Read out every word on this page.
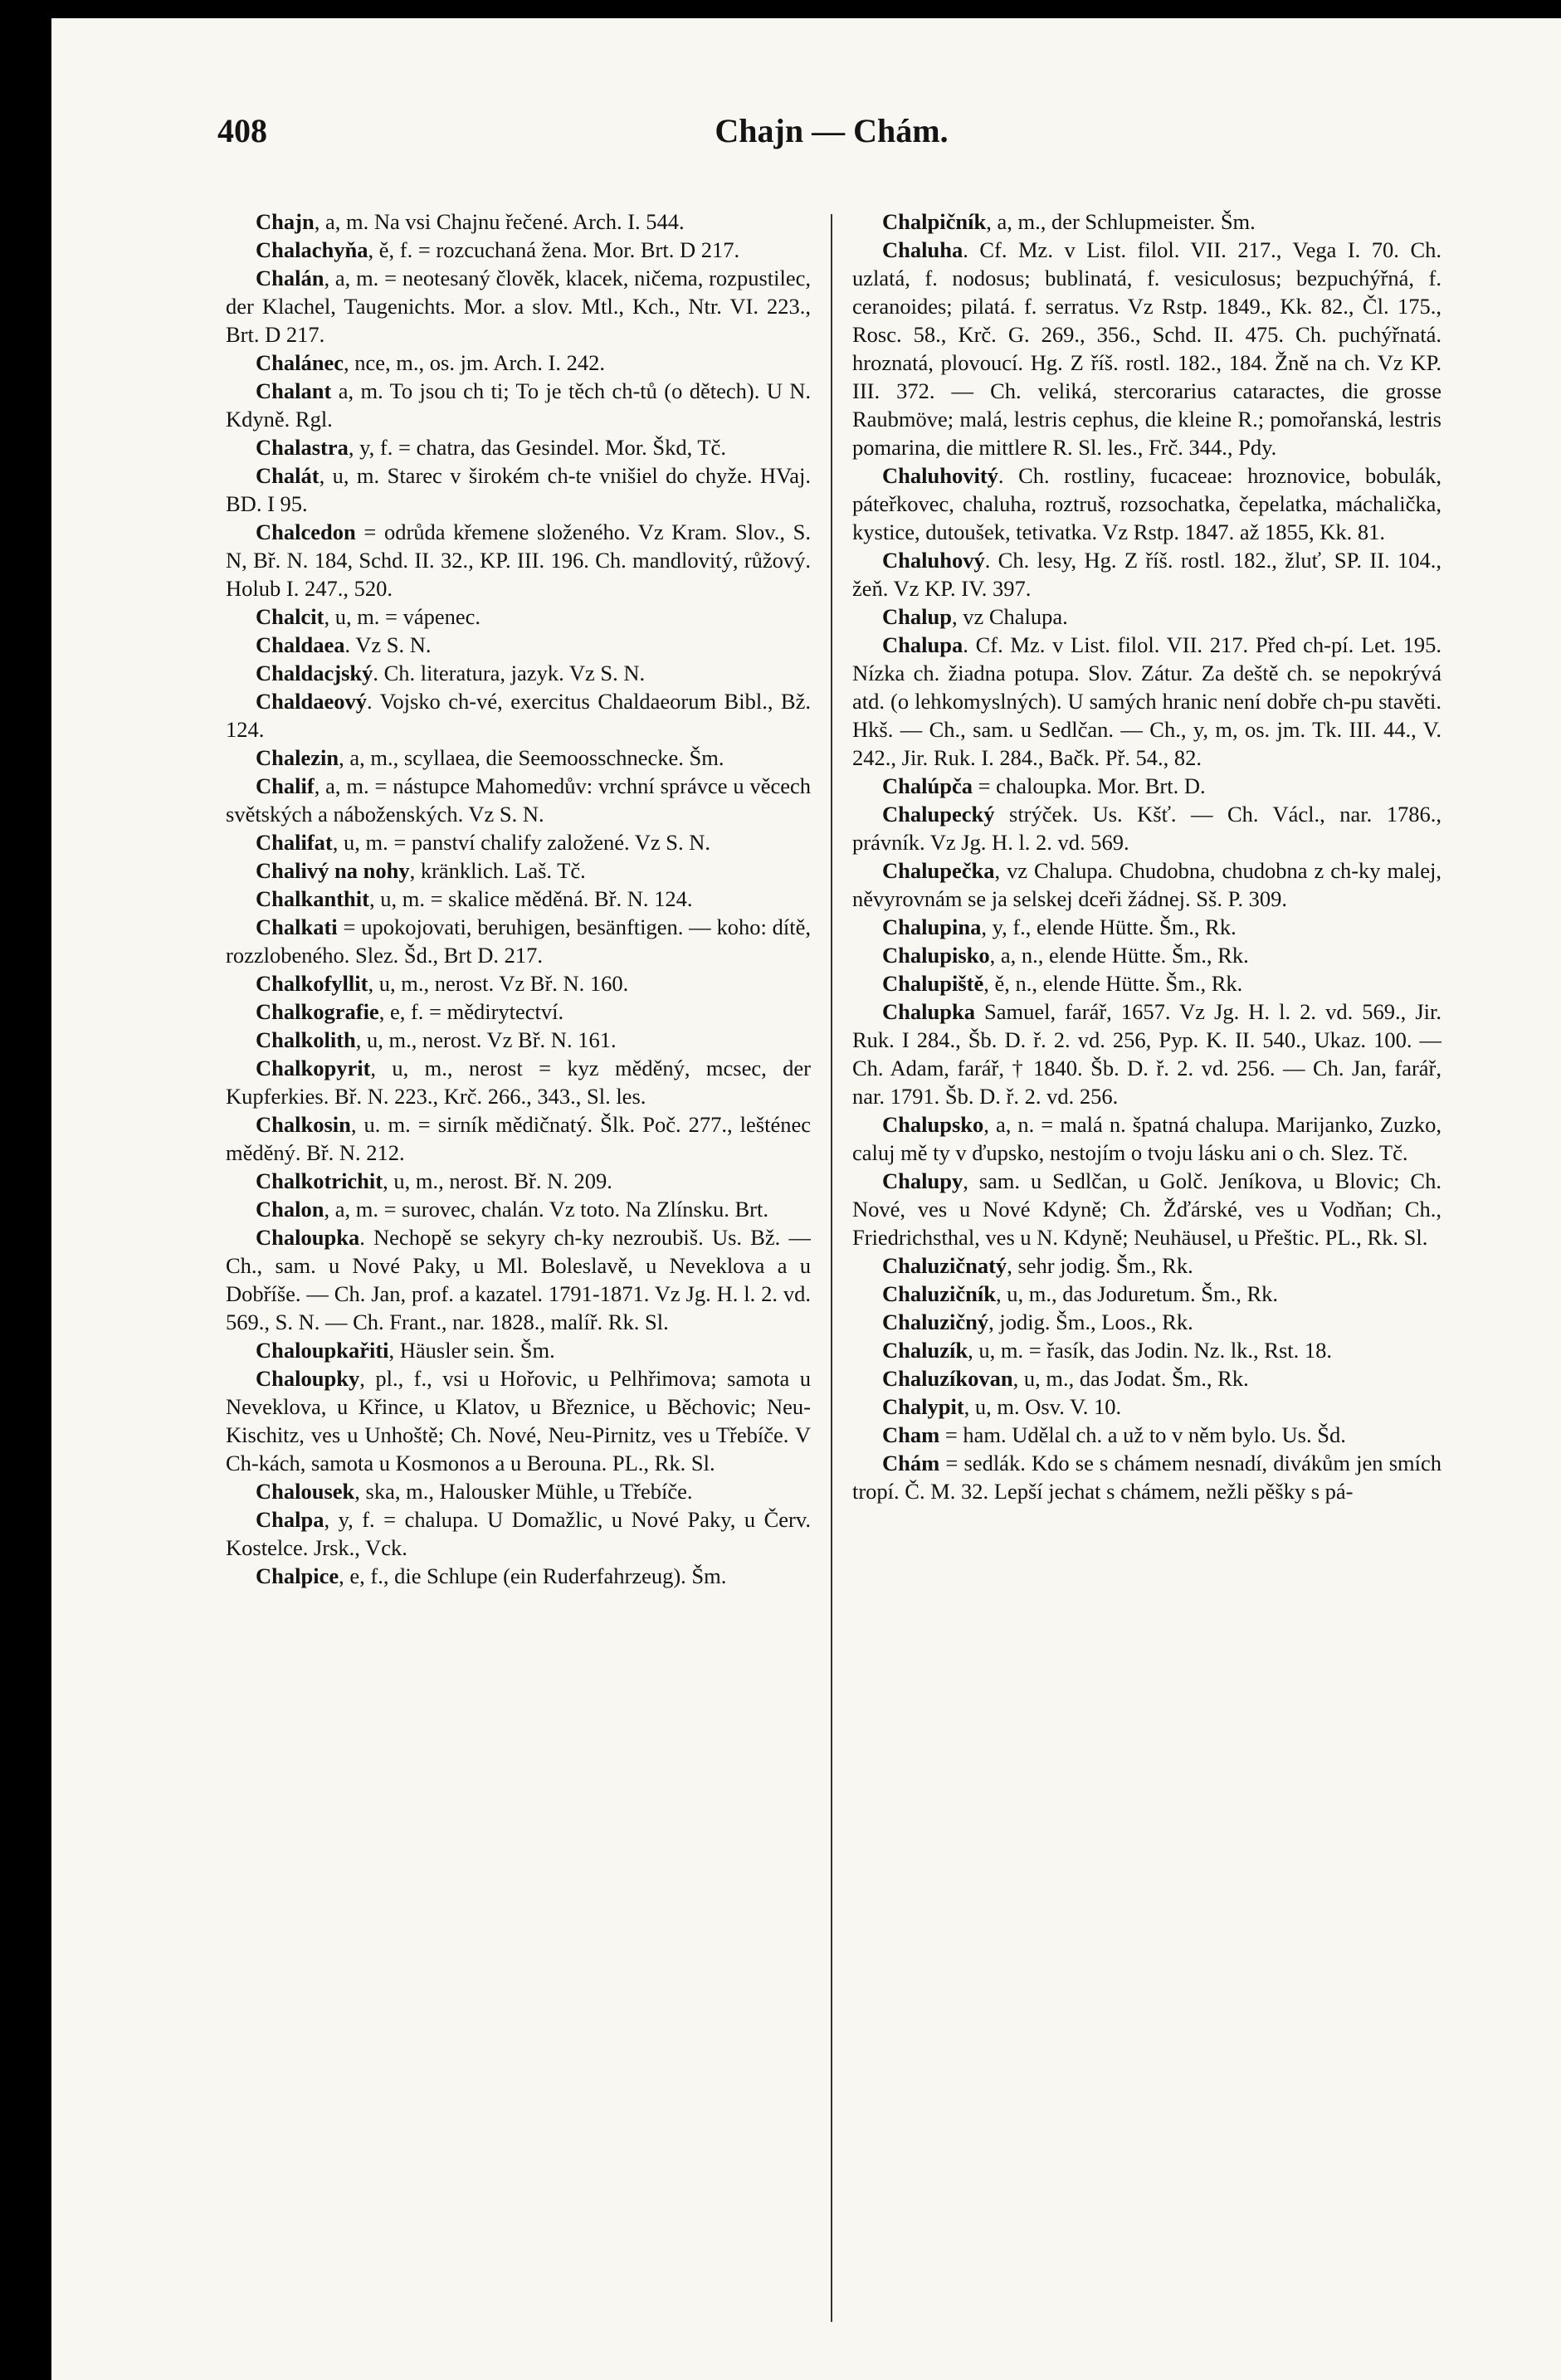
408	Chajn — Chám.
Chajn, a, m. Na vsi Chajnu řečené. Arch. I. 544.
Chalachyňa, ě, f. = rozcuchaná žena. Mor. Brt. D 217.
Chalán, a, m. = neotesaný člověk, klacek, ničema, rozpustilec, der Klachel, Taugenichts. Mor. a slov. Mtl., Kch., Ntr. VI. 223., Brt. D 217.
Chalánec, nce, m., os. jm. Arch. I. 242.
Chalant a, m. To jsou ch ti; To je těch ch-tů (o dětech). U N. Kdyně. Rgl.
Chalastra, y, f. = chatra, das Gesindel. Mor. Škd, Tč.
Chalát, u, m. Starec v širokém ch-te vnišiel do chyže. HVaj. BD. I 95.
Chalcedon = odrůda křemene složeného. Vz Kram. Slov., S. N, Bř. N. 184, Schd. II. 32., KP. III. 196. Ch. mandlovitý, růžový. Holub I. 247., 520.
Chalcit, u, m. = vápenec.
Chaldaea. Vz S. N.
Chaldacjský. Ch. literatura, jazyk. Vz S. N.
Chaldaeový. Vojsko ch-vé, exercitus Chaldaeorum Bibl., Bž. 124.
Chalezin, a, m., scyllaea, die Seemoosschnecke. Šm.
Chalif, a, m. = nástupce Mahomedův: vrchní správce u věcech světských a náboženských. Vz S. N.
Chalifat, u, m. = panství chalify založené. Vz S. N.
Chalivý na nohy, kränklich. Laš. Tč.
Chalkanthit, u, m. = skalice měděná. Bř. N. 124.
Chalkati = upokojovati, beruhigen, besänftigen. — koho: dítě, rozzlobeného. Slez. Šd., Brt D. 217.
Chalkofyllit, u, m., nerost. Vz Bř. N. 160.
Chalkografie, e, f. = mědirytectví.
Chalkolith, u, m., nerost. Vz Bř. N. 161.
Chalkopyrit, u, m., nerost = kyz měděný, mcsec, der Kupferkies. Bř. N. 223., Krč. 266., 343., Sl. les.
Chalkosin, u. m. = sirník mědičnatý. Šlk. Poč. 277., lešténec měděný. Bř. N. 212.
Chalkotrichit, u, m., nerost. Bř. N. 209.
Chalon, a, m. = surovec, chalán. Vz toto. Na Zlínsku. Brt.
Chaloupka. Nechopě se sekyry ch-ky nezroubiš. Us. Bž. — Ch., sam. u Nové Paky, u Ml. Boleslavě, u Neveklova a u Dobříše. — Ch. Jan, prof. a kazatel. 1791-1871. Vz Jg. H. l. 2. vd. 569., S. N. — Ch. Frant., nar. 1828., malíř. Rk. Sl.
Chaloupkařiti, Häusler sein. Šm.
Chaloupky, pl., f., vsi u Hořovic, u Pelhřimova; samota u Neveklova, u Křince, u Klatov, u Březnice, u Běchovic; Neu-Kischitz, ves u Unhoště; Ch. Nové, Neu-Pirnitz, ves u Třebíče. V Ch-kách, samota u Kosmonos a u Berouna. PL., Rk. Sl.
Chalousek, ska, m., Halousker Mühle, u Třebíče.
Chalpa, y, f. = chalupa. U Domažlic, u Nové Paky, u Červ. Kostelce. Jrsk., Vck.
Chalpice, e, f., die Schlupe (ein Ruderfahrzeug). Šm.
Chalpičník, a, m., der Schlupmeister. Šm.
Chaluha. Cf. Mz. v List. filol. VII. 217., Vega I. 70. Ch. uzlatá, f. nodosus; bublinatá, f. vesiculosus; bezpuchýřná, f. ceranoides; pilatá. f. serratus. Vz Rstp. 1849., Kk. 82., Čl. 175., Rosc. 58., Krč. G. 269., 356., Schd. II. 475. Ch. puchýřnatá. hroznatá, plovoucí. Hg. Z říš. rostl. 182., 184. Žně na ch. Vz KP. III. 372. — Ch. veliká, stercorarius cataractes, die grosse Raubmöve; malá, lestris cephus, die kleine R.; pomořanská, lestris pomarina, die mittlere R. Sl. les., Frč. 344., Pdy.
Chaluhovitý. Ch. rostliny, fucaceae: hroznovice, bobulák, páteřkovec, chaluha, roztruš, rozsochatka, čepelatka, máchalička, kystice, dutoušek, tetivatka. Vz Rstp. 1847. až 1855, Kk. 81.
Chaluhový. Ch. lesy, Hg. Z říš. rostl. 182., žluť, SP. II. 104., žeň. Vz KP. IV. 397.
Chalup, vz Chalupa.
Chalupa. Cf. Mz. v List. filol. VII. 217. Před ch-pí. Let. 195. Nízka ch. žiadna potupa. Slov. Zátur. Za deště ch. se nepokrývá atd. (o lehkomyslných). U samých hranic není dobře ch-pu stavěti. Hkš. — Ch., sam. u Sedlčan. — Ch., y, m, os. jm. Tk. III. 44., V. 242., Jir. Ruk. I. 284., Bačk. Př. 54., 82.
Chalúpča = chaloupka. Mor. Brt. D.
Chalupecký strýček. Us. Kšť. — Ch. Václ., nar. 1786., právník. Vz Jg. H. l. 2. vd. 569.
Chalupečka, vz Chalupa. Chudobna, chudobna z ch-ky malej, něvyrovnám se ja selskej dceři žádnej. Sš. P. 309.
Chalupina, y, f., elende Hütte. Šm., Rk.
Chalupisko, a, n., elende Hütte. Šm., Rk.
Chalupiště, ě, n., elende Hütte. Šm., Rk.
Chalupka Samuel, farář, 1657. Vz Jg. H. l. 2. vd. 569., Jir. Ruk. I 284., Šb. D. ř. 2. vd. 256, Pyp. K. II. 540., Ukaz. 100. — Ch. Adam, farář, † 1840. Šb. D. ř. 2. vd. 256. — Ch. Jan, farář, nar. 1791. Šb. D. ř. 2. vd. 256.
Chalupsko, a, n. = malá n. špatná chalupa. Marijanko, Zuzko, caluj mě ty v ďupsko, nestojím o tvoju lásku ani o ch. Slez. Tč.
Chalupy, sam. u Sedlčan, u Golč. Jeníkova, u Blovic; Ch. Nové, ves u Nové Kdyně; Ch. Žďárské, ves u Vodňan; Ch., Friedrichsthal, ves u N. Kdyně; Neuhäusel, u Přeštic. PL., Rk. Sl.
Chaluzičnatý, sehr jodig. Šm., Rk.
Chaluzičník, u, m., das Joduretum. Šm., Rk.
Chaluzičný, jodig. Šm., Loos., Rk.
Chaluzík, u, m. = řasík, das Jodin. Nz. lk., Rst. 18.
Chaluzíkovan, u, m., das Jodat. Šm., Rk.
Chalypit, u, m. Osv. V. 10.
Cham = ham. Udělal ch. a už to v něm bylo. Us. Šd.
Chám = sedlák. Kdo se s chámem nesnadí, divákům jen smích tropí. Č. M. 32. Lepší jechat s chámem, nežli pěšky s pá-
